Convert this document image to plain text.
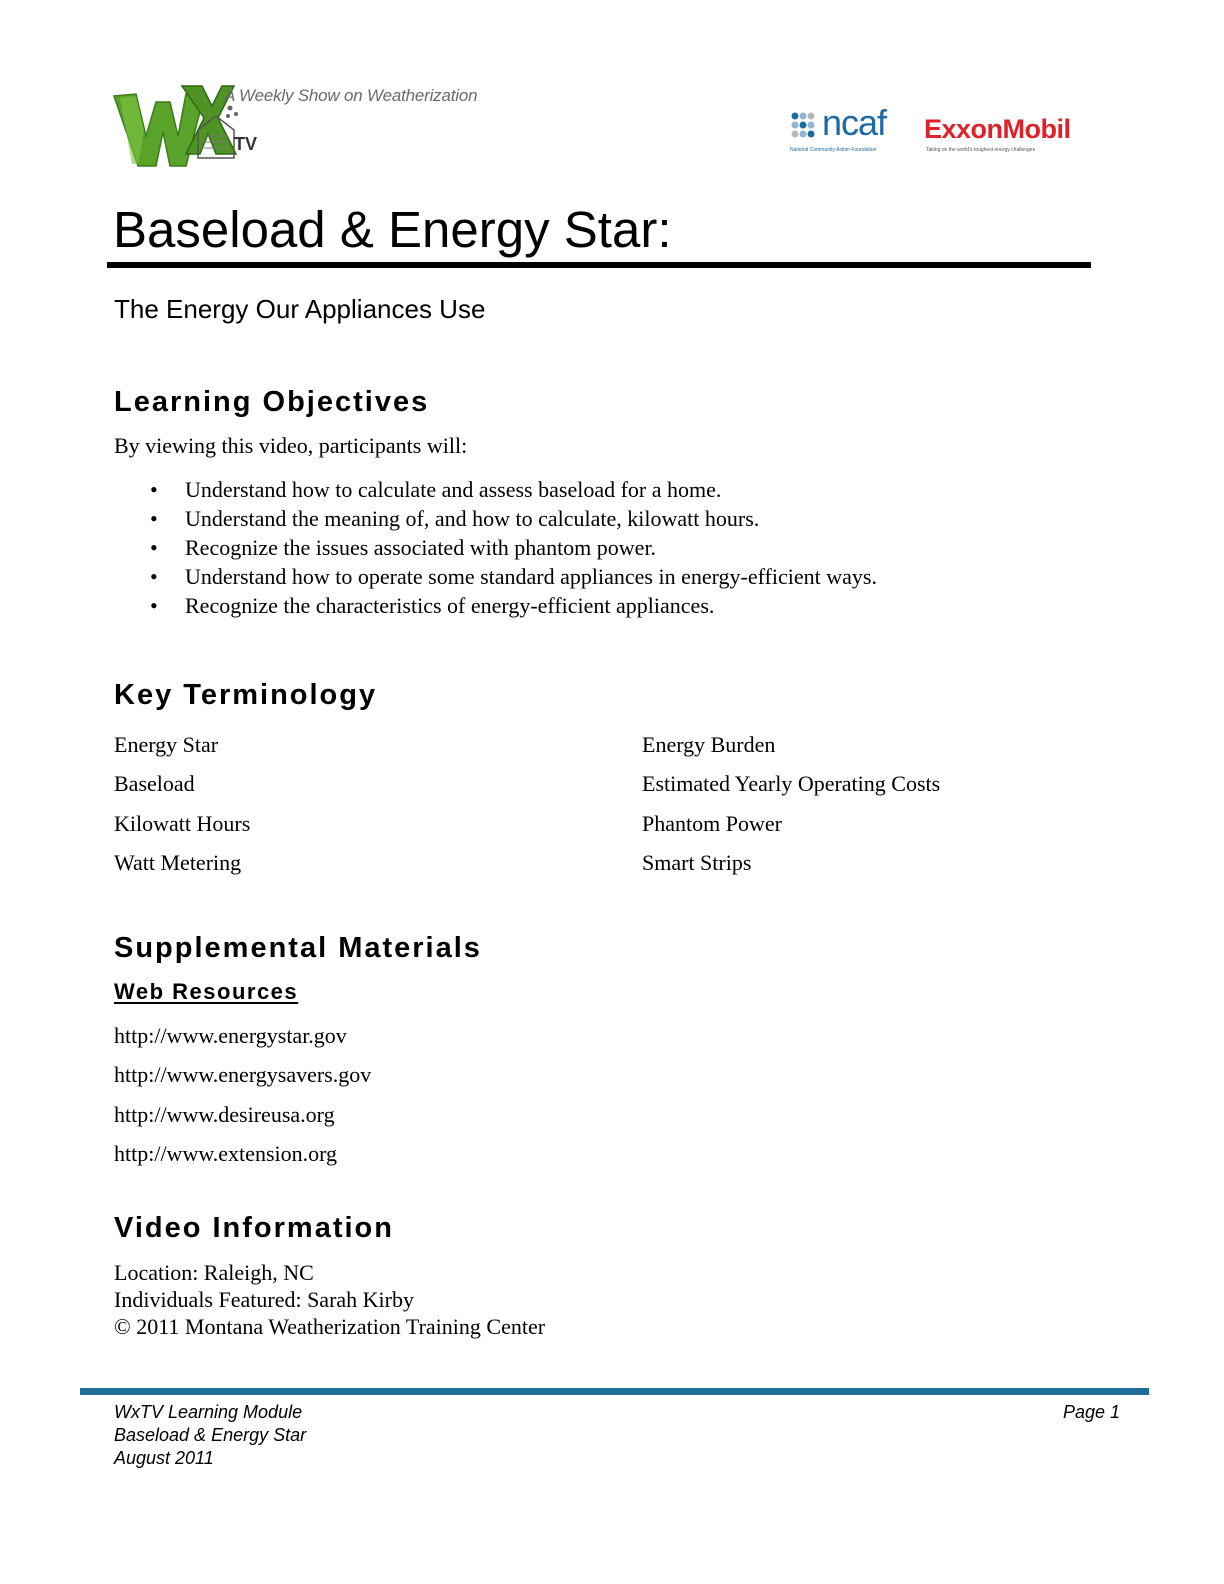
A Weekly Show on Weatherization
TV
ncaf
National Community Action Foundation
ExxonMobil
Taking on the world's toughest energy challenges
Baseload & Energy Star:
The Energy Our Appliances Use
Learning Objectives
By viewing this video, participants will:
• Understand how to calculate and assess baseload for a home.
• Understand the meaning of, and how to calculate, kilowatt hours.
• Recognize the issues associated with phantom power.
• Understand how to operate some standard appliances in energy-efficient ways.
• Recognize the characteristics of energy-efficient appliances.
Key Terminology
Energy Star
Baseload
Kilowatt Hours
Watt Metering
Energy Burden
Estimated Yearly Operating Costs
Phantom Power
Smart Strips
Supplemental Materials
Web Resources
http://www.energystar.gov
http://www.energysavers.gov
http://www.desireusa.org
http://www.extension.org
Video Information
Location: Raleigh, NC
Individuals Featured: Sarah Kirby
© 2011 Montana Weatherization Training Center
WxTV Learning Module
Baseload & Energy Star
August 2011
Page 1
